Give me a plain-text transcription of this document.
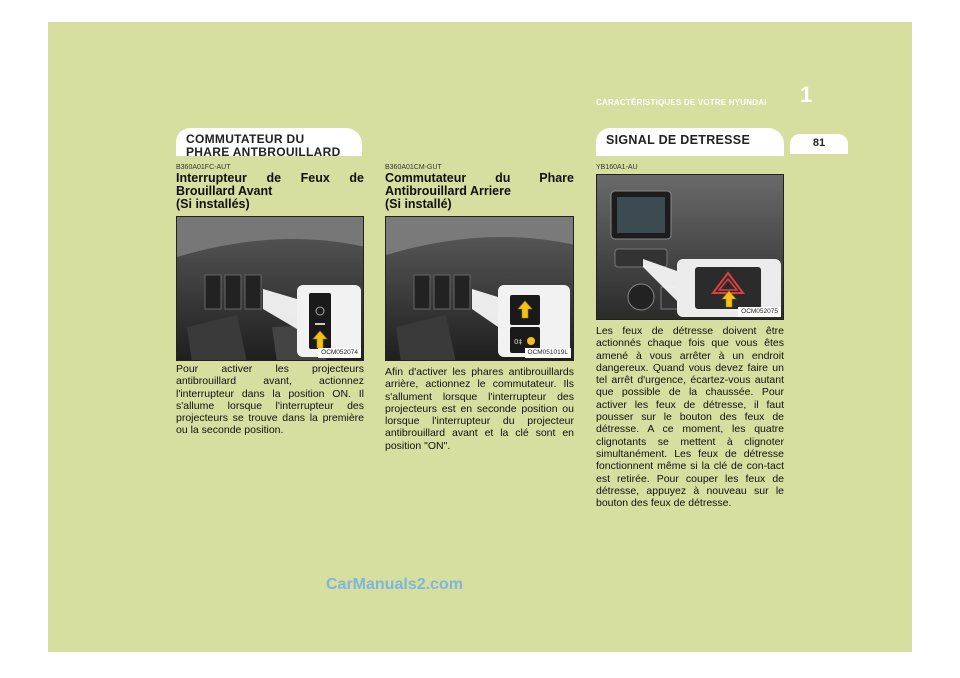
CARACTÉRISTIQUES DE VOTRE HYUNDAI 1
81
COMMUTATEUR DU
PHARE ANTBROUILLARD
B360A01FC-AUT
Interrupteur de Feux de
Brouillard Avant
(Si installés)
OCM052074
Pour activer les projecteurs antibrouillard avant, actionnez l'interrupteur dans la position ON. Il s'allume lorsque l'interrupteur des projecteurs se trouve dans la première ou la seconde position.
B360A01CM-GUT
Commutateur du Phare
Antibrouillard Arriere
(Si installé)
0‡
OCM051019L
Afin d'activer les phares antibrouillards arrière, actionnez le commutateur. Ils s'allument lorsque l'interrupteur des projecteurs est en seconde position ou lorsque l'interrupteur du projecteur antibrouillard avant et la clé sont en position "ON".
SIGNAL DE DETRESSE
YB160A1-AU
OCM052075
Les feux de détresse doivent être actionnés chaque fois que vous êtes amené à vous arrêter à un endroit dangereux. Quand vous devez faire un tel arrêt d'urgence, écartez-vous autant que possible de la chaussée. Pour activer les feux de détresse, il faut pousser sur le bouton des feux de détresse. A ce moment, les quatre clignotants se mettent à clignoter simultanément. Les feux de détresse fonctionnent même si la clé de con-tact est retirée. Pour couper les feux de détresse, appuyez à nouveau sur le bouton des feux de détresse.
CarManuals2.com
